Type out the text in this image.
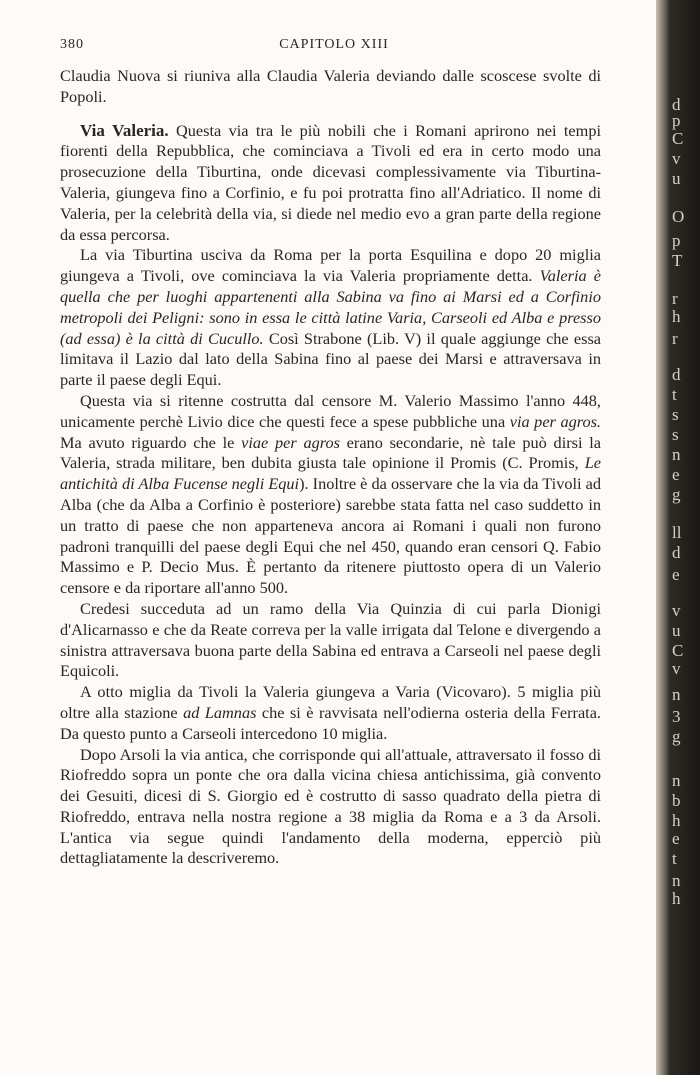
380	CAPITOLO XIII

Claudia Nuova si riuniva alla Claudia Valeria deviando dalle scoscese svolte di Popoli.

Via Valeria. Questa via tra le più nobili che i Romani aprirono nei tempi fiorenti della Repubblica, che cominciava a Tivoli ed era in certo modo una prosecuzione della Tiburtina, onde dicevasi complessivamente via Tiburtina-Valeria, giungeva fino a Corfinio, e fu poi protratta fino all'Adriatico. Il nome di Valeria, per la celebrità della via, si diede nel medio evo a gran parte della regione da essa percorsa.

La via Tiburtina usciva da Roma per la porta Esquilina e dopo 20 miglia giungeva a Tivoli, ove cominciava la via Valeria propriamente detta. Valeria è quella che per luoghi appartenenti alla Sabina va fino ai Marsi ed a Corfinio metropoli dei Peligni: sono in essa le città latine Varia, Carseoli ed Alba e presso (ad essa) è la città di Cucullo. Così Strabone (Lib. V) il quale aggiunge che essa limitava il Lazio dal lato della Sabina fino al paese dei Marsi e attraversava in parte il paese degli Equi.

Questa via si ritenne costrutta dal censore M. Valerio Massimo l'anno 448, unicamente perchè Livio dice che questi fece a spese pubbliche una via per agros. Ma avuto riguardo che le viae per agros erano secondarie, nè tale può dirsi la Valeria, strada militare, ben dubita giusta tale opinione il Promis (C. Promis, Le antichità di Alba Fucense negli Equi). Inoltre è da osservare che la via da Tivoli ad Alba (che da Alba a Corfinio è posteriore) sarebbe stata fatta nel caso suddetto in un tratto di paese che non apparteneva ancora ai Romani i quali non furono padroni tranquilli del paese degli Equi che nel 450, quando eran censori Q. Fabio Massimo e P. Decio Mus. È pertanto da ritenere piuttosto opera di un Valerio censore e da riportare all'anno 500.

Credesi succeduta ad un ramo della Via Quinzia di cui parla Dionigi d'Alicarnasso e che da Reate correva per la valle irrigata dal Telone e divergendo a sinistra attraversava buona parte della Sabina ed entrava a Carseoli nel paese degli Equicoli.

A otto miglia da Tivoli la Valeria giungeva a Varia (Vicovaro). 5 miglia più oltre alla stazione ad Lamnas che si è ravvisata nell'odierna osteria della Ferrata. Da questo punto a Carseoli intercedono 10 miglia.

Dopo Arsoli la via antica, che corrisponde qui all'attuale, attraversato il fosso di Riofreddo sopra un ponte che ora dalla vicina chiesa antichissima, già convento dei Gesuiti, dicesi di S. Giorgio ed è costrutto di sasso quadrato della pietra di Riofreddo, entrava nella nostra regione a 38 miglia da Roma e a 3 da Arsoli. L'antica via segue quindi l'andamento della moderna, epperciò più dettagliatamente la descriveremo.

d
p
C
v
u
O
p
T
r
h
r
d
t
s
s
n
e
g
ll
d
e
v
u
C
v
n
3
g
n
b
h
e
t
n
h
